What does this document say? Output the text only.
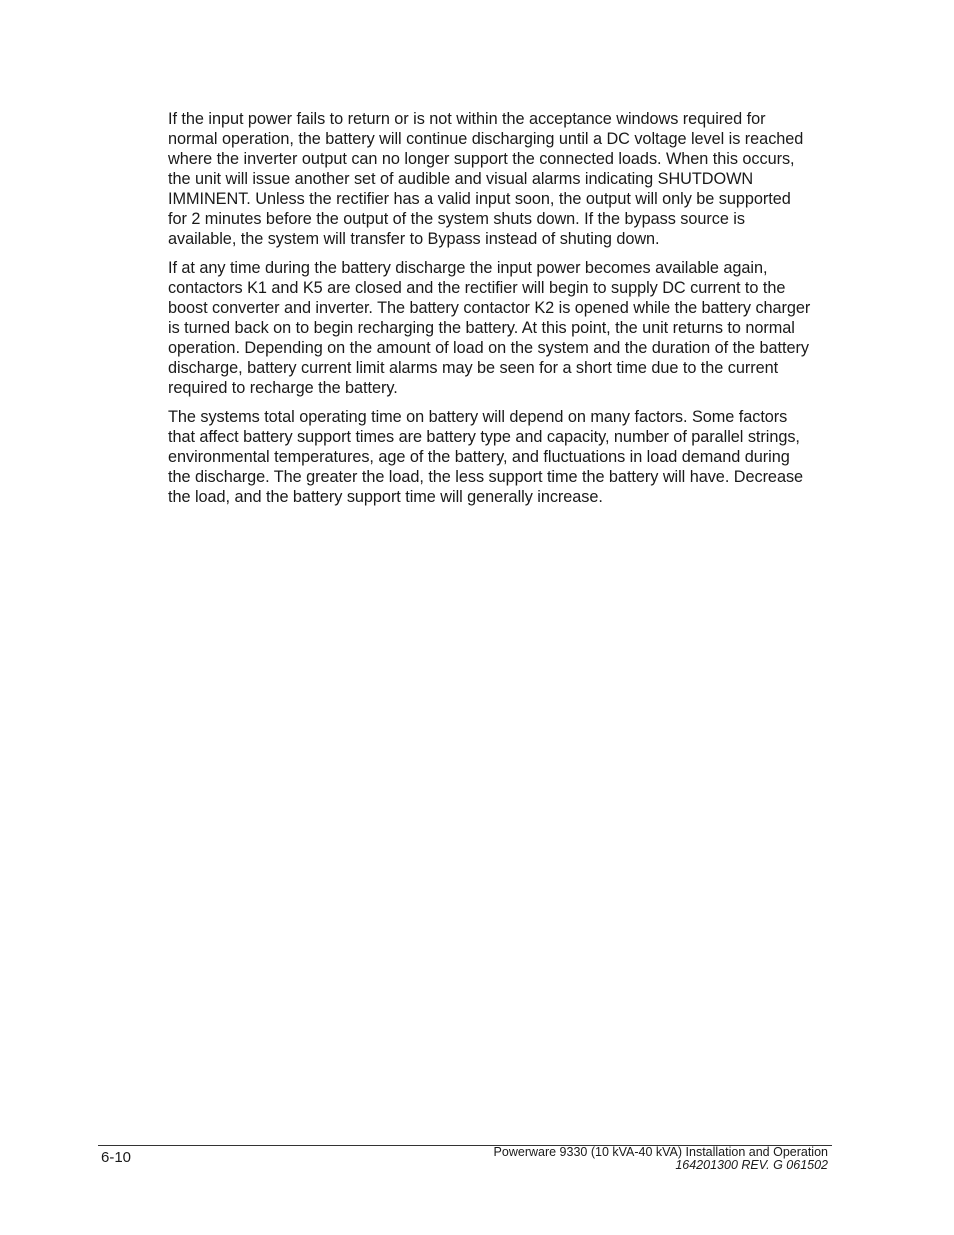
If the input power fails to return or is not within the acceptance windows required for normal operation, the battery will continue discharging until a DC voltage level is reached where the inverter output can no longer support the connected loads. When this occurs, the unit will issue another set of audible and visual alarms indicating SHUTDOWN IMMINENT. Unless the rectifier has a valid input soon, the output will only be supported for 2 minutes before the output of the system shuts down. If the bypass source is available, the system will transfer to Bypass instead of shuting down.

If at any time during the battery discharge the input power becomes available again, contactors K1 and K5 are closed and the rectifier will begin to supply DC current to the boost converter and inverter. The battery contactor K2 is opened while the battery charger is turned back on to begin recharging the battery. At this point, the unit returns to normal operation. Depending on the amount of load on the system and the duration of the battery discharge, battery current limit alarms may be seen for a short time due to the current required to recharge the battery.

The systems total operating time on battery will depend on many factors. Some factors that affect battery support times are battery type and capacity, number of parallel strings, environmental temperatures, age of the battery, and fluctuations in load demand during the discharge. The greater the load, the less support time the battery will have. Decrease the load, and the battery support time will generally increase.

6-10	Powerware 9330 (10 kVA-40 kVA) Installation and Operation
164201300 REV. G 061502
